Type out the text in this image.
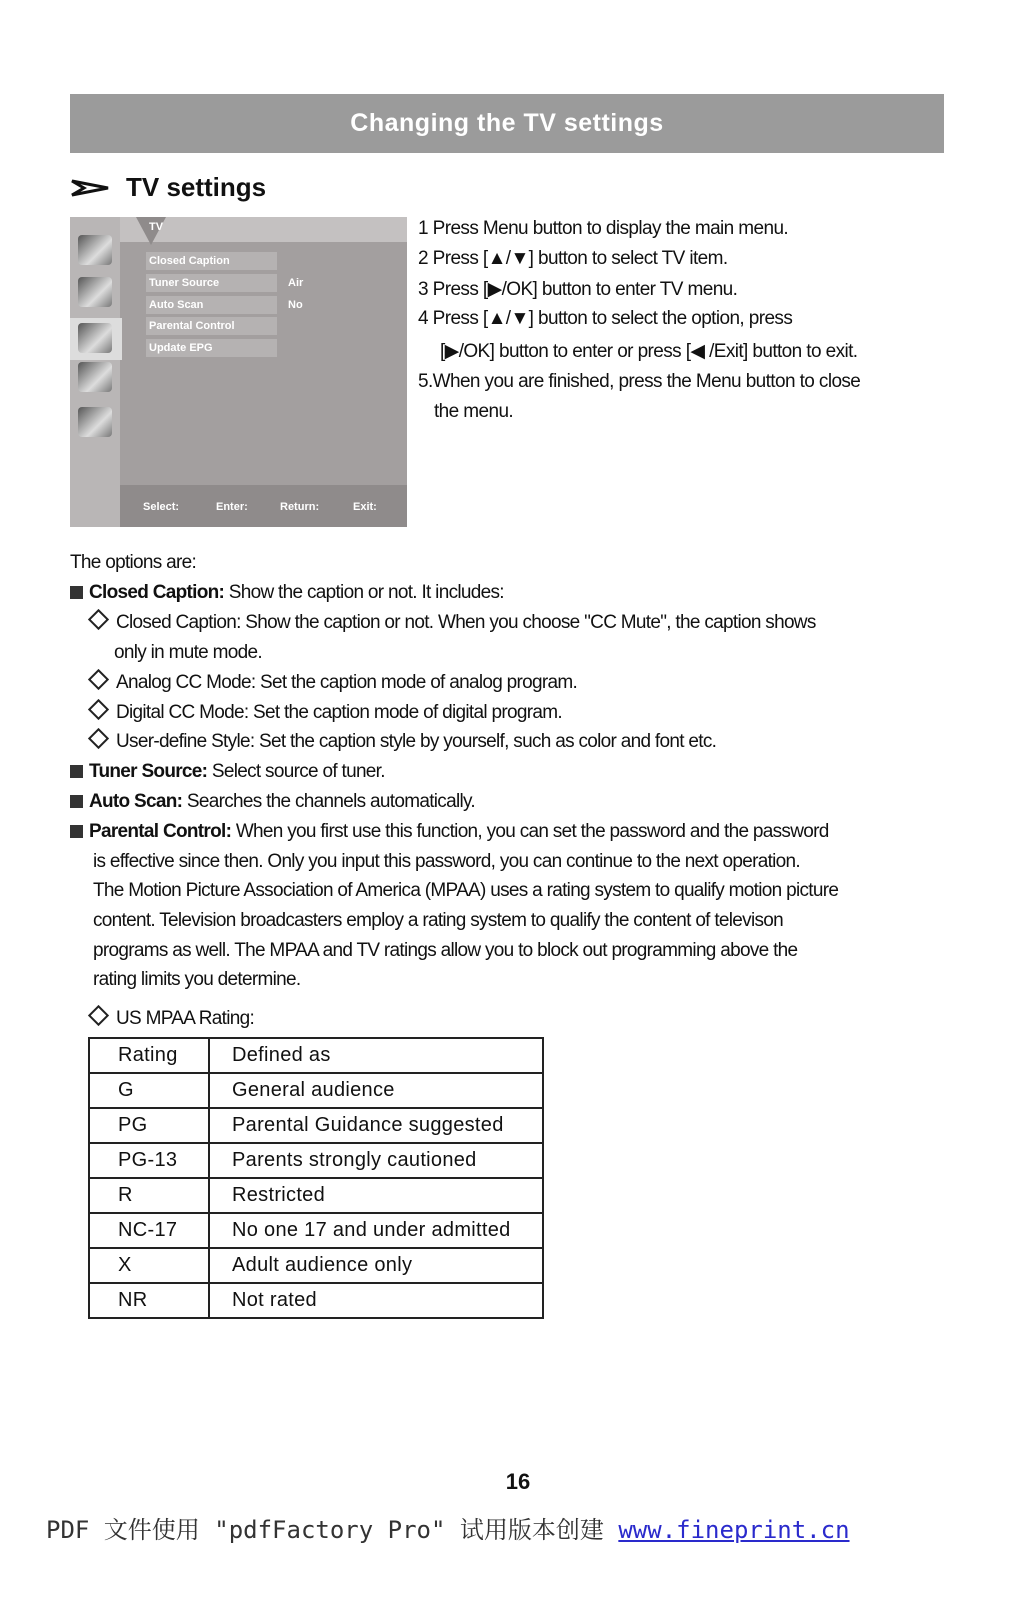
Changing the TV settings
TV settings
TV
Closed Caption
Tuner Source
Auto Scan
Parental Control
Update EPG
Air
No
Select:	Enter:	Return:	Exit:
1 Press Menu button to display the main menu.
2 Press [▲/▼] button to select TV item.
3 Press [▶/OK] button to enter TV menu.
4 Press [▲/▼] button to select the option, press
[▶/OK] button to enter or press [◀ /Exit] button to exit.
5.When you are finished, press the Menu button to close
the menu.
The options are:
Closed Caption: Show the caption or not. It includes:
Closed Caption: Show the caption or not. When you choose "CC Mute", the caption shows
only in mute mode.
Analog CC Mode: Set the caption mode of analog program.
Digital CC Mode: Set the caption mode of digital program.
User-define Style: Set the caption style by yourself, such as color and font etc.
Tuner Source: Select source of tuner.
Auto Scan: Searches the channels automatically.
Parental Control: When you first use this function, you can set the password and the password
is effective since then. Only you input this password, you can continue to the next operation.
The Motion Picture Association of America (MPAA) uses a rating system to qualify motion picture
content. Television broadcasters employ a rating system to qualify the content of televison
programs as well. The MPAA and TV ratings allow you to block out programming above the
rating limits you determine.
US MPAA Rating:
Rating	Defined as
G	General audience
PG	Parental Guidance suggested
PG-13	Parents strongly cautioned
R	Restricted
NC-17	No one 17 and under admitted
X	Adult audience only
NR	Not rated
16
PDF 文件使用 "pdfFactory Pro" 试用版本创建 www.fineprint.cn
